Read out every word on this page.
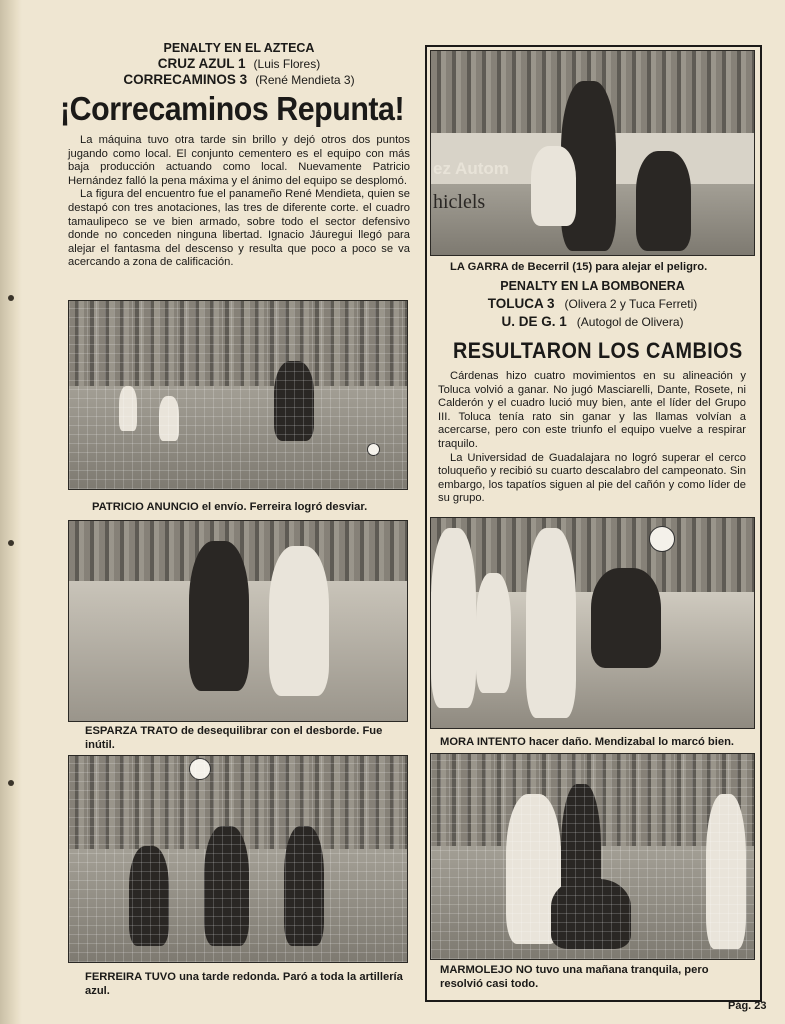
PENALTY EN EL AZTECA
CRUZ AZUL 1 (Luis Flores)
CORRECAMINOS 3 (René Mendieta 3)
¡Correcaminos Repunta!

La máquina tuvo otra tarde sin brillo y dejó otros dos puntos jugando como local. El conjunto cementero es el equipo con más baja producción actuando como local. Nuevamente Patricio Hernández falló la pena máxima y el ánimo del equipo se desplomó.

La figura del encuentro fue el panameño René Mendieta, quien se destapó con tres anotaciones, las tres de diferente corte. el cuadro tamaulipeco se ve bien armado, sobre todo el sector defensivo donde no conceden ninguna libertad. Ignacio Jáuregui llegó para alejar el fantasma del descenso y resulta que poco a poco se va acercando a zona de calificación.

PATRICIO ANUNCIO el envío. Ferreira logró desviar.
ESPARZA TRATO de desequilibrar con el desborde. Fue inútil.
FERREIRA TUVO una tarde redonda. Paró a toda la artillería azul.
ez Autom
hiclels
LA GARRA de Becerril (15) para alejar el peligro.
PENALTY EN LA BOMBONERA
TOLUCA 3 (Olivera 2 y Tuca Ferreti)
U. DE G. 1 (Autogol de Olivera)
RESULTARON LOS CAMBIOS

Cárdenas hizo cuatro movimientos en su alineación y Toluca volvió a ganar. No jugó Masciarelli, Dante, Rosete, ni Calderón y el cuadro lució muy bien, ante el líder del Grupo III. Toluca tenía rato sin ganar y las llamas volvían a acercarse, pero con este triunfo el equipo vuelve a respirar traquilo.

La Universidad de Guadalajara no logró superar el cerco toluqueño y recibió su cuarto descalabro del campeonato. Sin embargo, los tapatíos siguen al pie del cañón y como líder de su grupo.

MORA INTENTO hacer daño. Mendizabal lo marcó bien.
MARMOLEJO NO tuvo una mañana tranquila, pero resolvió casi todo.
Pág. 23
